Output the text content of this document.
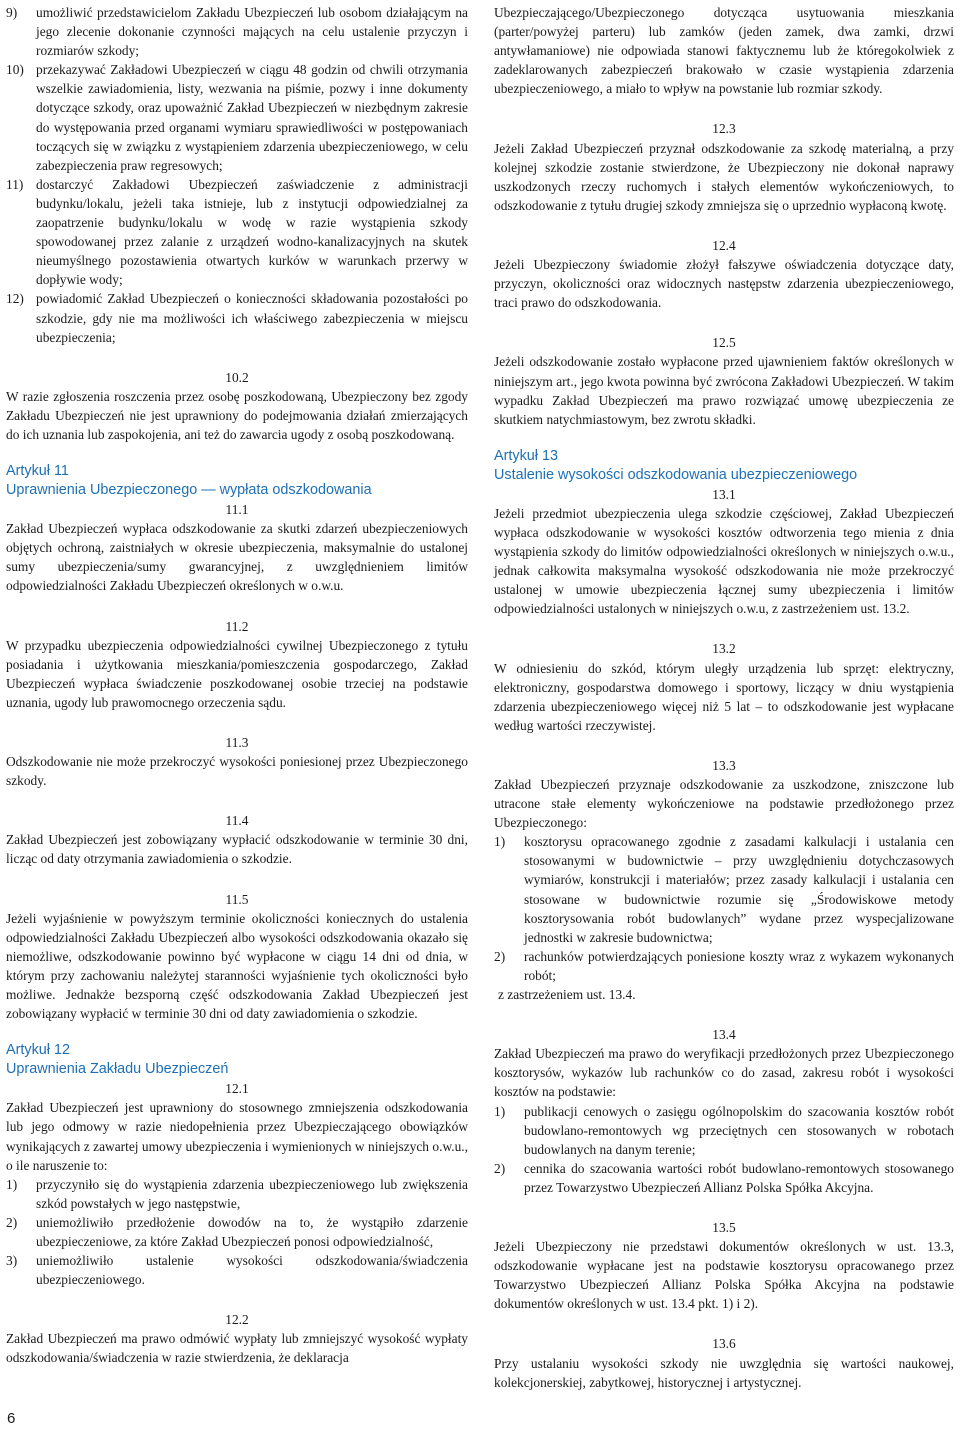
9)	umożliwić przedstawicielom Zakładu Ubezpieczeń lub osobom działającym na jego zlecenie dokonanie czynności mających na celu ustalenie przyczyn i rozmiarów szkody;
10) przekazywać Zakładowi Ubezpieczeń w ciągu 48 godzin od chwili otrzymania wszelkie zawiadomienia, listy, wezwania na piśmie, pozwy i inne dokumenty dotyczące szkody, oraz upoważnić Zakład Ubezpieczeń w niezbędnym zakresie do występowania przed organami wymiaru sprawiedliwości w postępowaniach toczących się w związku z wystąpieniem zdarzenia ubezpieczeniowego, w celu zabezpieczenia praw regresowych;
11) dostarczyć Zakładowi Ubezpieczeń zaświadczenie z administracji budynku/lokalu, jeżeli taka istnieje, lub z instytucji odpowiedzialnej za zaopatrzenie budynku/lokalu w wodę w razie wystąpienia szkody spowodowanej przez zalanie z urządzeń wodno-kanalizacyjnych na skutek nieumyślnego pozostawienia otwartych kurków w warunkach przerwy w dopływie wody;
12) powiadomić Zakład Ubezpieczeń o konieczności składowania pozostałości po szkodzie, gdy nie ma możliwości ich właściwego zabezpieczenia w miejscu ubezpieczenia;

10.2

W razie zgłoszenia roszczenia przez osobę poszkodowaną, Ubezpieczony bez zgody Zakładu Ubezpieczeń nie jest uprawniony do podejmowania działań zmierzających do ich uznania lub zaspokojenia, ani też do zawarcia ugody z osobą poszkodowaną.

Artykuł 11

Uprawnienia Ubezpieczonego — wypłata odszkodowania

11.1

Zakład Ubezpieczeń wypłaca odszkodowanie za skutki zdarzeń ubezpieczeniowych objętych ochroną, zaistniałych w okresie ubezpieczenia, maksymalnie do ustalonej sumy ubezpieczenia/sumy gwarancyjnej, z uwzględnieniem limitów odpowiedzialności Zakładu Ubezpieczeń określonych w o.w.u.

11.2

W przypadku ubezpieczenia odpowiedzialności cywilnej Ubezpieczonego z tytułu posiadania i użytkowania mieszkania/pomieszczenia gospodarczego, Zakład Ubezpieczeń wypłaca świadczenie poszkodowanej osobie trzeciej na podstawie uznania, ugody lub prawomocnego orzeczenia sądu.

11.3

Odszkodowanie nie może przekroczyć wysokości poniesionej przez Ubezpieczonego szkody.

11.4

Zakład Ubezpieczeń jest zobowiązany wypłacić odszkodowanie w terminie 30 dni, licząc od daty otrzymania zawiadomienia o szkodzie.

11.5

Jeżeli wyjaśnienie w powyższym terminie okoliczności koniecznych do ustalenia odpowiedzialności Zakładu Ubezpieczeń albo wysokości odszkodowania okazało się niemożliwe, odszkodowanie powinno być wypłacone w ciągu 14 dni od dnia, w którym przy zachowaniu należytej staranności wyjaśnienie tych okoliczności było możliwe. Jednakże bezsporną część odszkodowania Zakład Ubezpieczeń jest zobowiązany wypłacić w terminie 30 dni od daty zawiadomienia o szkodzie.

Artykuł 12

Uprawnienia Zakładu Ubezpieczeń

12.1

Zakład Ubezpieczeń jest uprawniony do stosownego zmniejszenia odszkodowania lub jego odmowy w razie niedopełnienia przez Ubezpieczającego obowiązków wynikających z zawartej umowy ubezpieczenia i wymienionych w niniejszych o.w.u., o ile naruszenie to:

1)	przyczyniło się do wystąpienia zdarzenia ubezpieczeniowego lub zwiększenia szkód powstałych w jego następstwie,
2)	uniemożliwiło przedłożenie dowodów na to, że wystąpiło zdarzenie ubezpieczeniowe, za które Zakład Ubezpieczeń ponosi odpowiedzialność,
3)	uniemożliwiło ustalenie wysokości odszkodowania/świadczenia ubezpieczeniowego.

12.2

Zakład Ubezpieczeń ma prawo odmówić wypłaty lub zmniejszyć wysokość wypłaty odszkodowania/świadczenia w razie stwierdzenia, że deklaracja

Ubezpieczającego/Ubezpieczonego dotycząca usytuowania mieszkania (parter/powyżej parteru) lub zamków (jeden zamek, dwa zamki, drzwi antywłamaniowe) nie odpowiada stanowi faktycznemu lub że któregokolwiek z zadeklarowanych zabezpieczeń brakowało w czasie wystąpienia zdarzenia ubezpieczeniowego, a miało to wpływ na powstanie lub rozmiar szkody.

12.3

Jeżeli Zakład Ubezpieczeń przyznał odszkodowanie za szkodę materialną, a przy kolejnej szkodzie zostanie stwierdzone, że Ubezpieczony nie dokonał naprawy uszkodzonych rzeczy ruchomych i stałych elementów wykończeniowych, to odszkodowanie z tytułu drugiej szkody zmniejsza się o uprzednio wypłaconą kwotę.

12.4

Jeżeli Ubezpieczony świadomie złożył fałszywe oświadczenia dotyczące daty, przyczyn, okoliczności oraz widocznych następstw zdarzenia ubezpieczeniowego, traci prawo do odszkodowania.

12.5

Jeżeli odszkodowanie zostało wypłacone przed ujawnieniem faktów określonych w niniejszym art., jego kwota powinna być zwrócona Zakładowi Ubezpieczeń. W takim wypadku Zakład Ubezpieczeń ma prawo rozwiązać umowę ubezpieczenia ze skutkiem natychmiastowym, bez zwrotu składki.

Artykuł 13

Ustalenie wysokości odszkodowania ubezpieczeniowego

13.1

Jeżeli przedmiot ubezpieczenia ulega szkodzie częściowej, Zakład Ubezpieczeń wypłaca odszkodowanie w wysokości kosztów odtworzenia tego mienia z dnia wystąpienia szkody do limitów odpowiedzialności określonych w niniejszych o.w.u., jednak całkowita maksymalna wysokość odszkodowania nie może przekroczyć ustalonej w umowie ubezpieczenia łącznej sumy ubezpieczenia i limitów odpowiedzialności ustalonych w niniejszych o.w.u, z zastrzeżeniem ust. 13.2.

13.2

W odniesieniu do szkód, którym uległy urządzenia lub sprzęt: elektryczny, elektroniczny, gospodarstwa domowego i sportowy, liczący w dniu wystąpienia zdarzenia ubezpieczeniowego więcej niż 5 lat – to odszkodowanie jest wypłacane według wartości rzeczywistej.

13.3

Zakład Ubezpieczeń przyznaje odszkodowanie za uszkodzone, zniszczone lub utracone stałe elementy wykończeniowe na podstawie przedłożonego przez Ubezpieczonego:

1)	kosztorysu opracowanego zgodnie z zasadami kalkulacji i ustalania cen stosowanymi w budownictwie – przy uwzględnieniu dotychczasowych wymiarów, konstrukcji i materiałów; przez zasady kalkulacji i ustalania cen stosowane w budownictwie rozumie się „Środowiskowe metody kosztorysowania robót budowlanych” wydane przez wyspecjalizowane jednostki w zakresie budownictwa;
2)	rachunków potwierdzających poniesione koszty wraz z wykazem wykonanych robót;

z zastrzeżeniem ust. 13.4.

13.4

Zakład Ubezpieczeń ma prawo do weryfikacji przedłożonych przez Ubezpieczonego kosztorysów, wykazów lub rachunków co do zasad, zakresu robót i wysokości kosztów na podstawie:

1)	publikacji cenowych o zasięgu ogólnopolskim do szacowania kosztów robót budowlano-remontowych wg przeciętnych cen stosowanych w robotach budowlanych na danym terenie;
2)	cennika do szacowania wartości robót budowlano-remontowych stosowanego przez Towarzystwo Ubezpieczeń Allianz Polska Spółka Akcyjna.

13.5

Jeżeli Ubezpieczony nie przedstawi dokumentów określonych w ust. 13.3, odszkodowanie wypłacane jest na podstawie kosztorysu opracowanego przez Towarzystwo Ubezpieczeń Allianz Polska Spółka Akcyjna na podstawie dokumentów określonych w ust. 13.4 pkt. 1) i 2).

13.6

Przy ustalaniu wysokości szkody nie uwzględnia się wartości naukowej, kolekcjonerskiej, zabytkowej, historycznej i artystycznej.

6
